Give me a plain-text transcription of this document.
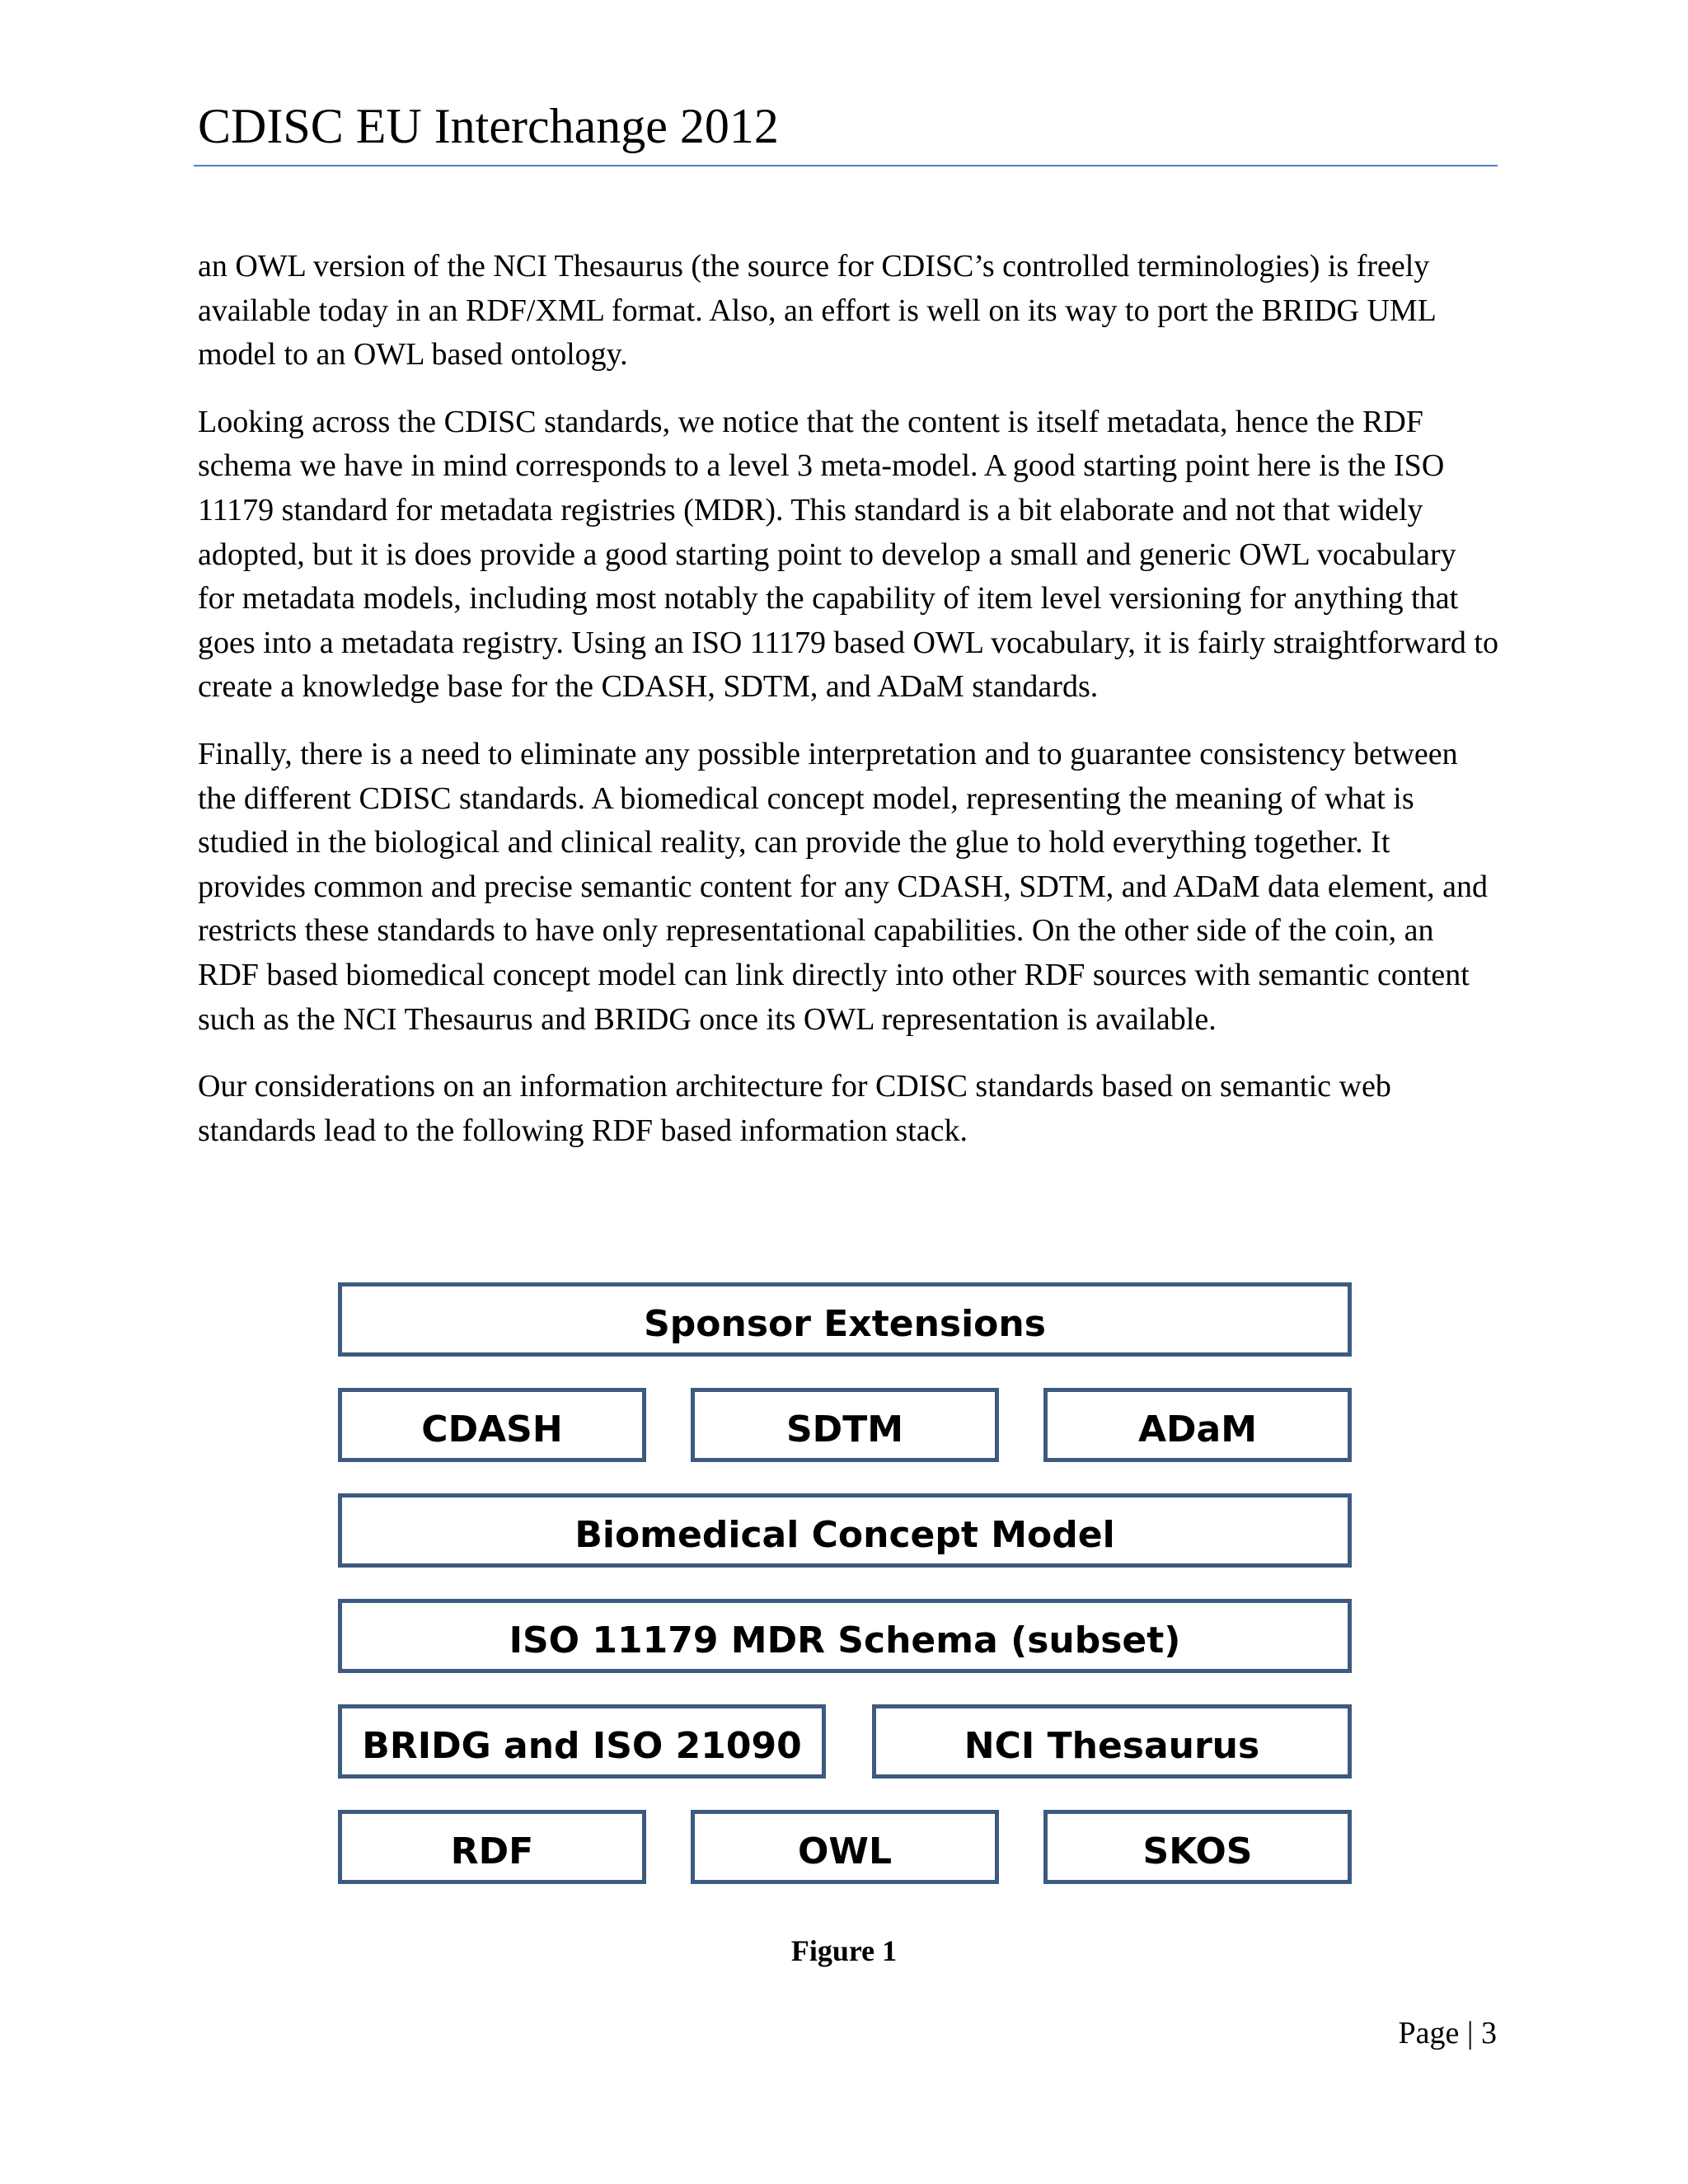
CDISC EU Interchange 2012

an OWL version of the NCI Thesaurus (the source for CDISC’s controlled terminologies) is freely available today in an RDF/XML format. Also, an effort is well on its way to port the BRIDG UML model to an OWL based ontology.

Looking across the CDISC standards, we notice that the content is itself metadata, hence the RDF schema we have in mind corresponds to a level 3 meta-model. A good starting point here is the ISO 11179 standard for metadata registries (MDR). This standard is a bit elaborate and not that widely adopted, but it is does provide a good starting point to develop a small and generic OWL vocabulary for metadata models, including most notably the capability of item level versioning for anything that goes into a metadata registry. Using an ISO 11179 based OWL vocabulary, it is fairly straightforward to create a knowledge base for the CDASH, SDTM, and ADaM standards.

Finally, there is a need to eliminate any possible interpretation and to guarantee consistency between the different CDISC standards. A biomedical concept model, representing the meaning of what is studied in the biological and clinical reality, can provide the glue to hold everything together. It provides common and precise semantic content for any CDASH, SDTM, and ADaM data element, and restricts these standards to have only representational capabilities. On the other side of the coin, an RDF based biomedical concept model can link directly into other RDF sources with semantic content such as the NCI Thesaurus and BRIDG once its OWL representation is available.

Our considerations on an information architecture for CDISC standards based on semantic web standards lead to the following RDF based information stack.

Sponsor Extensions
CDASH	SDTM	ADaM
Biomedical Concept Model
ISO 11179 MDR Schema (subset)
BRIDG and ISO 21090	NCI Thesaurus
RDF	OWL	SKOS
Figure 1
Page | 3
